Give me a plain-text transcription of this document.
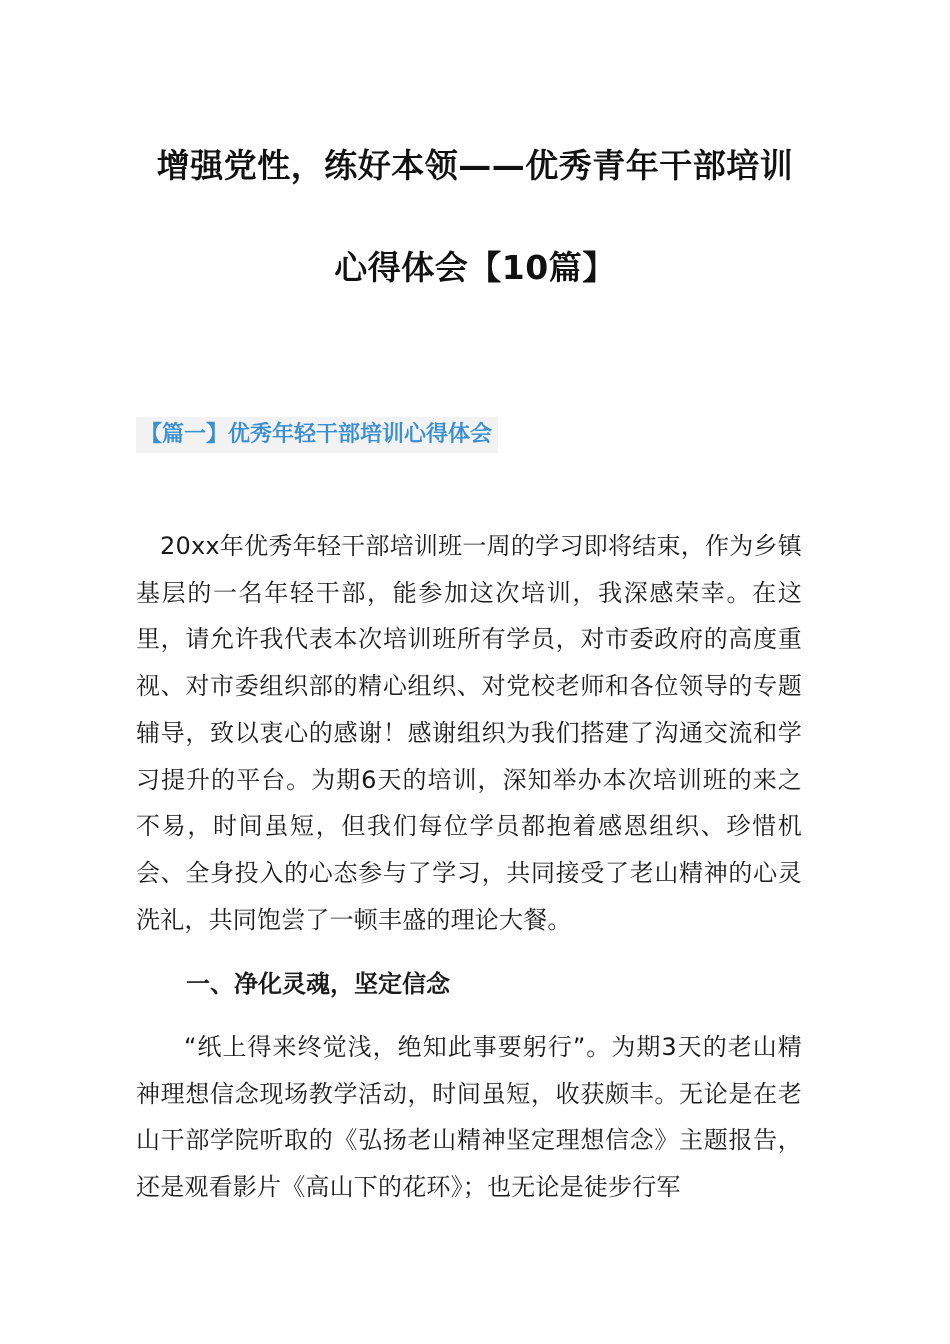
增强党性，练好本领——优秀青年干部培训
心得体会【10篇】
【篇一】优秀年轻干部培训心得体会
20xx年优秀年轻干部培训班一周的学习即将结束，作为乡镇基层的一名年轻干部，能参加这次培训，我深感荣幸。在这里，请允许我代表本次培训班所有学员，对市委政府的高度重视、对市委组织部的精心组织、对党校老师和各位领导的专题辅导，致以衷心的感谢！感谢组织为我们搭建了沟通交流和学习提升的平台。为期6天的培训，深知举办本次培训班的来之不易，时间虽短，但我们每位学员都抱着感恩组织、珍惜机会、全身投入的心态参与了学习，共同接受了老山精神的心灵洗礼，共同饱尝了一顿丰盛的理论大餐。
一、净化灵魂，坚定信念
“纸上得来终觉浅，绝知此事要躬行”。为期3天的老山精神理想信念现场教学活动，时间虽短，收获颇丰。无论是在老山干部学院听取的《弘扬老山精神坚定理想信念》主题报告，还是观看影片《高山下的花环》；也无论是徒步行军
